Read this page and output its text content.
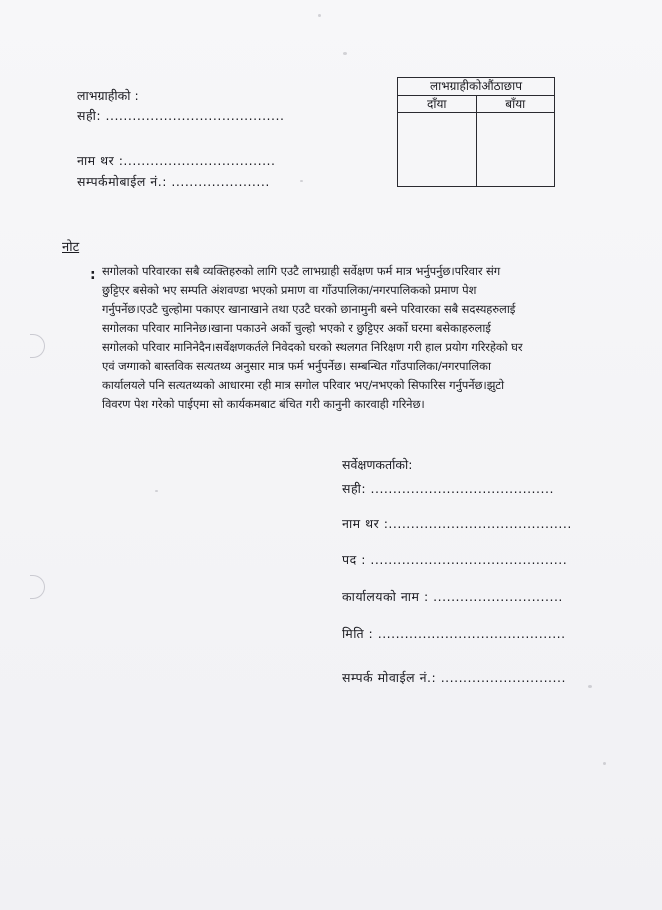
लाभग्राहीको :
सही: ........................................
नाम थर :..................................
सम्पर्कमोबाईल नं.: ......................
लाभग्राहीकोऔंठाछाप
दाँया	बाँया
नोट
: सगोलको परिवारका सबै व्यक्तिहरुको लागि एउटै लाभग्राही सर्वेक्षण फर्म मात्र भर्नुपर्नुछ।परिवार संग
छुट्टिएर बसेको भए सम्पति अंशवण्डा भएको प्रमाण वा गाँउपालिका/नगरपालिकको प्रमाण पेश
गर्नुपर्नेछ।एउटै चुल्होमा पकाएर खानाखाने तथा एउटै घरको छानामुनी बस्ने परिवारका सबै सदस्यहरुलाई
सगोलका परिवार मानिनेछ।खाना पकाउने अर्को चुल्हो भएको र छुट्टिएर अर्को घरमा बसेकाहरुलाई
सगोलको परिवार मानिनेदैन।सर्वेक्षणकर्तले निवेदको घरको स्थलगत निरिक्षण गरी हाल प्रयोग गरिरहेको घर
एवं जग्गाको बास्तविक सत्यतथ्य अनुसार मात्र फर्म भर्नुपर्नेछ। सम्बन्धित गाँउपालिका/नगरपालिका
कार्यालयले पनि सत्यतथ्यको आधारमा रही मात्र सगोल परिवार भए/नभएको सिफारिस गर्नुपर्नेछ।झुटो
विवरण पेश गरेको पाईएमा सो कार्यकमबाट बंचित गरी कानुनी कारवाही गरिनेछ।
सर्वेक्षणकर्ताको:
सही: .........................................
नाम थर :.........................................
पद : ............................................
कार्यालयको नाम : .............................
मिति : ..........................................
सम्पर्क मोवाईल नं.: ............................
